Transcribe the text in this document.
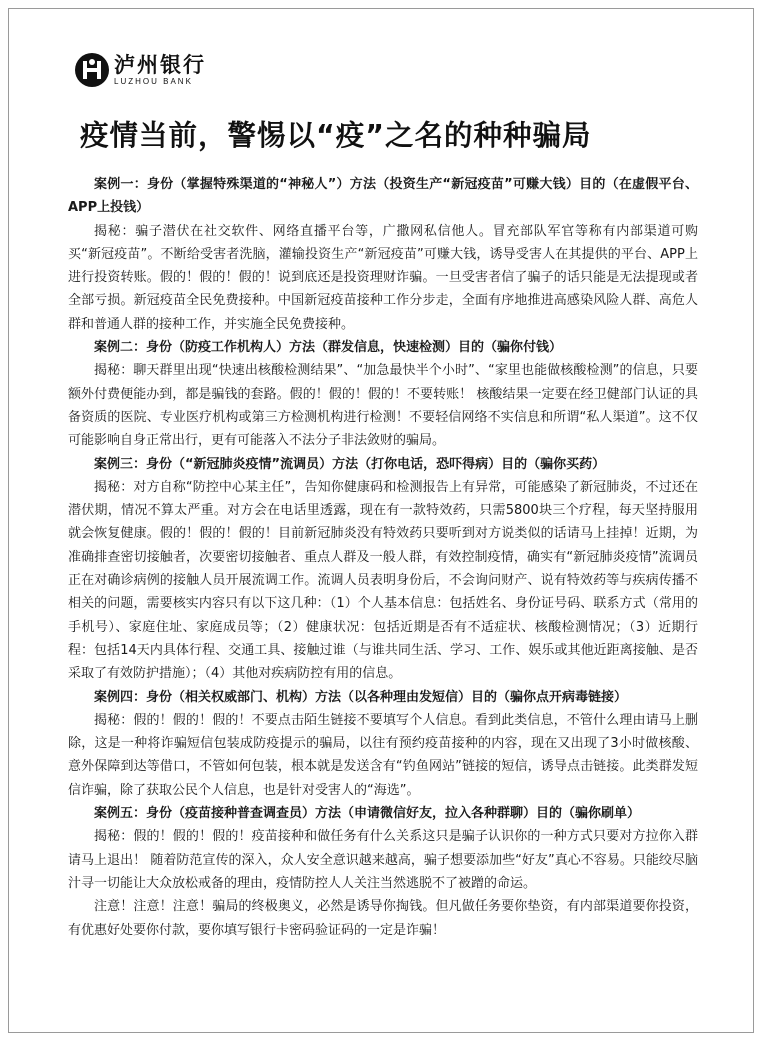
泸州银行
LUZHOU BANK
疫情当前，警惕以“疫”之名的种种骗局

案例一：身份（掌握特殊渠道的“神秘人”）方法（投资生产“新冠疫苗”可赚大钱）目的（在虚假平台、APP上投钱）

揭秘：骗子潜伏在社交软件、网络直播平台等，广撒网私信他人。冒充部队军官等称有内部渠道可购买“新冠疫苗”。不断给受害者洗脑，灌输投资生产“新冠疫苗”可赚大钱，诱导受害人在其提供的平台、APP上进行投资转账。假的！假的！假的！说到底还是投资理财诈骗。一旦受害者信了骗子的话只能是无法提现或者全部亏损。新冠疫苗全民免费接种。中国新冠疫苗接种工作分步走，全面有序地推进高感染风险人群、高危人群和普通人群的接种工作，并实施全民免费接种。

案例二：身份（防疫工作机构人）方法（群发信息，快速检测）目的（骗你付钱）

揭秘：聊天群里出现“快速出核酸检测结果”、“加急最快半个小时”、“家里也能做核酸检测”的信息，只要额外付费便能办到，都是骗钱的套路。假的！假的！假的！不要转账！ 核酸结果一定要在经卫健部门认证的具备资质的医院、专业医疗机构或第三方检测机构进行检测！不要轻信网络不实信息和所谓“私人渠道”。这不仅可能影响自身正常出行，更有可能落入不法分子非法敛财的骗局。

案例三：身份（“新冠肺炎疫情”流调员）方法（打你电话，恐吓得病）目的（骗你买药）

揭秘：对方自称“防控中心某主任”，告知你健康码和检测报告上有异常，可能感染了新冠肺炎，不过还在潜伏期，情况不算太严重。对方会在电话里透露，现在有一款特效药，只需5800块三个疗程，每天坚持服用就会恢复健康。假的！假的！假的！目前新冠肺炎没有特效药只要听到对方说类似的话请马上挂掉！近期，为准确排查密切接触者，次要密切接触者、重点人群及一般人群，有效控制疫情，确实有“新冠肺炎疫情”流调员正在对确诊病例的接触人员开展流调工作。流调人员表明身份后，不会询问财产、说有特效药等与疾病传播不相关的问题，需要核实内容只有以下这几种：（1）个人基本信息：包括姓名、身份证号码、联系方式（常用的手机号）、家庭住址、家庭成员等；（2）健康状况：包括近期是否有不适症状、核酸检测情况；（3）近期行程：包括14天内具体行程、交通工具、接触过谁（与谁共同生活、学习、工作、娱乐或其他近距离接触、是否采取了有效防护措施）；（4）其他对疾病防控有用的信息。

案例四：身份（相关权威部门、机构）方法（以各种理由发短信）目的（骗你点开病毒链接）

揭秘：假的！假的！假的！不要点击陌生链接不要填写个人信息。看到此类信息，不管什么理由请马上删除，这是一种将诈骗短信包装成防疫提示的骗局，以往有预约疫苗接种的内容，现在又出现了3小时做核酸、意外保障到达等借口，不管如何包装，根本就是发送含有“钓鱼网站”链接的短信，诱导点击链接。此类群发短信诈骗，除了获取公民个人信息，也是针对受害人的“海选”。

案例五：身份（疫苗接种普查调查员）方法（申请微信好友，拉入各种群聊）目的（骗你刷单）

揭秘：假的！假的！假的！疫苗接种和做任务有什么关系这只是骗子认识你的一种方式只要对方拉你入群请马上退出！ 随着防范宣传的深入，众人安全意识越来越高，骗子想要添加些“好友”真心不容易。只能绞尽脑汁寻一切能让大众放松戒备的理由，疫情防控人人关注当然逃脱不了被蹭的命运。

注意！注意！注意！骗局的终极奥义，必然是诱导你掏钱。但凡做任务要你垫资，有内部渠道要你投资，有优惠好处要你付款，要你填写银行卡密码验证码的一定是诈骗！
